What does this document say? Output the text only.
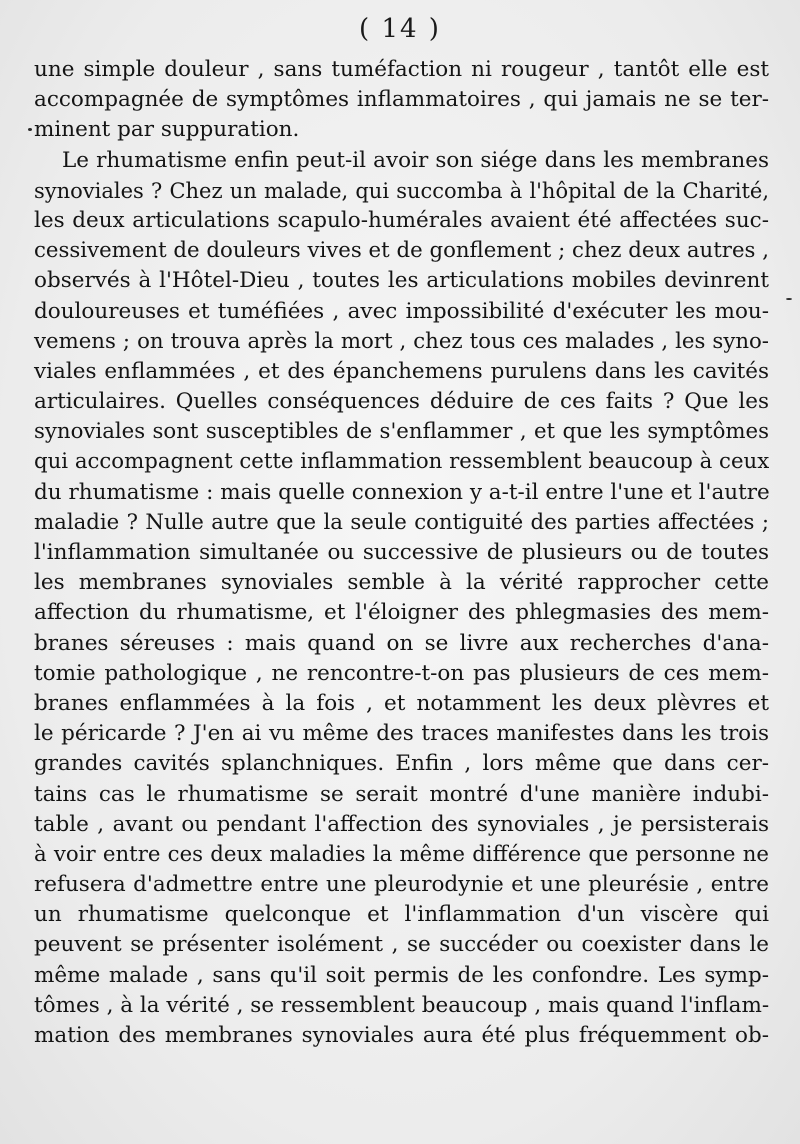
( 14 )
une simple douleur , sans tuméfaction ni rougeur , tantôt elle est
accompagnée de symptômes inflammatoires , qui jamais ne se ter-
minent par suppuration.
Le rhumatisme enfin peut-il avoir son siége dans les membranes
synoviales ? Chez un malade, qui succomba à l'hôpital de la Charité,
les deux articulations scapulo-humérales avaient été affectées suc-
cessivement de douleurs vives et de gonflement ; chez deux autres ,
observés à l'Hôtel-Dieu , toutes les articulations mobiles devinrent
douloureuses et tuméfiées , avec impossibilité d'exécuter les mou-
vemens ; on trouva après la mort , chez tous ces malades , les syno-
viales enflammées , et des épanchemens purulens dans les cavités
articulaires. Quelles conséquences déduire de ces faits ? Que les
synoviales sont susceptibles de s'enflammer , et que les symptômes
qui accompagnent cette inflammation ressemblent beaucoup à ceux
du rhumatisme : mais quelle connexion y a-t-il entre l'une et l'autre
maladie ? Nulle autre que la seule contiguité des parties affectées ;
l'inflammation simultanée ou successive de plusieurs ou de toutes
les membranes synoviales semble à la vérité rapprocher cette
affection du rhumatisme, et l'éloigner des phlegmasies des mem-
branes séreuses : mais quand on se livre aux recherches d'ana-
tomie pathologique , ne rencontre-t-on pas plusieurs de ces mem-
branes enflammées à la fois , et notamment les deux plèvres et
le péricarde ? J'en ai vu même des traces manifestes dans les trois
grandes cavités splanchniques. Enfin , lors même que dans cer-
tains cas le rhumatisme se serait montré d'une manière indubi-
table , avant ou pendant l'affection des synoviales , je persisterais
à voir entre ces deux maladies la même différence que personne ne
refusera d'admettre entre une pleurodynie et une pleurésie , entre
un rhumatisme quelconque et l'inflammation d'un viscère qui
peuvent se présenter isolément , se succéder ou coexister dans le
même malade , sans qu'il soit permis de les confondre. Les symp-
tômes , à la vérité , se ressemblent beaucoup , mais quand l'inflam-
mation des membranes synoviales aura été plus fréquemment ob-
